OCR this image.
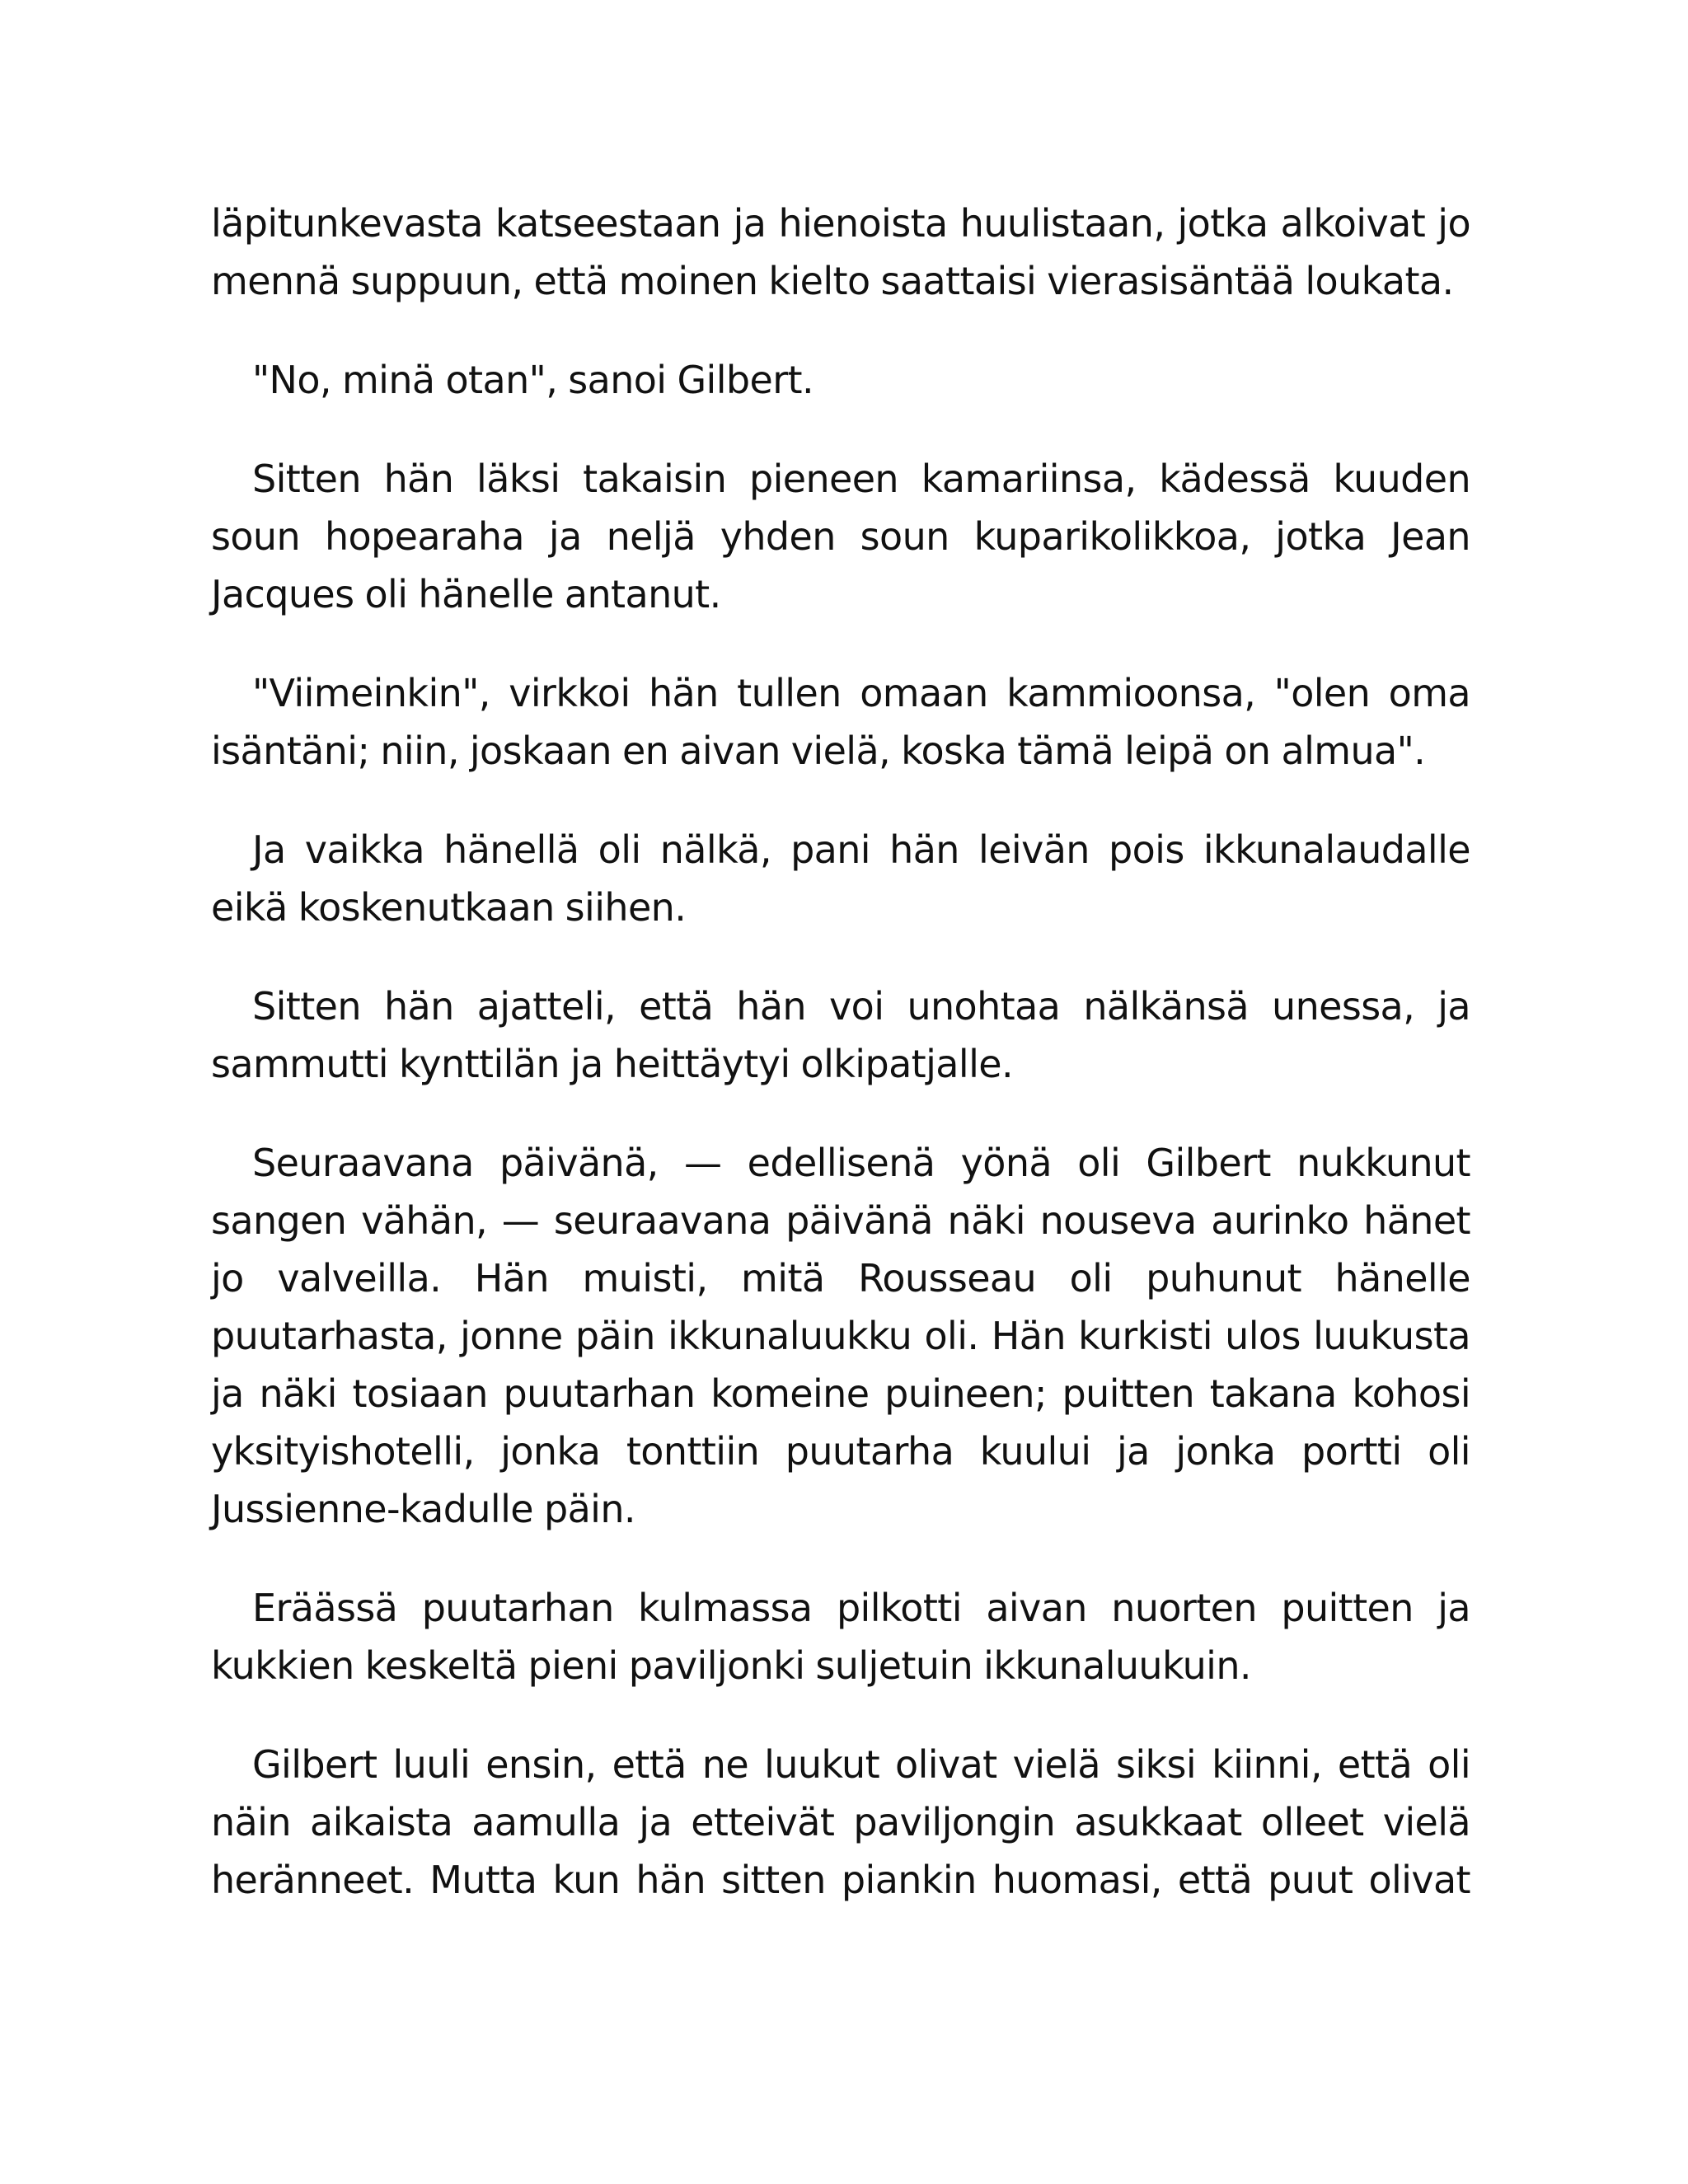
läpitunkevasta katseestaan ja hienoista huulistaan, jotka alkoivat jo mennä suppuun, että moinen kielto saattaisi vierasisäntää loukata.

"No, minä otan", sanoi Gilbert.

Sitten hän läksi takaisin pieneen kamariinsa, kädessä kuuden soun hopearaha ja neljä yhden soun kuparikolikkoa, jotka Jean Jacques oli hänelle antanut.

"Viimeinkin", virkkoi hän tullen omaan kammioonsa, "olen oma isäntäni; niin, joskaan en aivan vielä, koska tämä leipä on almua".

Ja vaikka hänellä oli nälkä, pani hän leivän pois ikkunalaudalle eikä koskenutkaan siihen.

Sitten hän ajatteli, että hän voi unohtaa nälkänsä unessa, ja sammutti kynttilän ja heittäytyi olkipatjalle.

Seuraavana päivänä, — edellisenä yönä oli Gilbert nukkunut sangen vähän, — seuraavana päivänä näki nouseva aurinko hänet jo valveilla. Hän muisti, mitä Rousseau oli puhunut hänelle puutarhasta, jonne päin ikkunaluukku oli. Hän kurkisti ulos luukusta ja näki tosiaan puutarhan komeine puineen; puitten takana kohosi yksityishotelli, jonka tonttiin puutarha kuului ja jonka portti oli Jussienne-kadulle päin.

Eräässä puutarhan kulmassa pilkotti aivan nuorten puitten ja kukkien keskeltä pieni paviljonki suljetuin ikkunaluukuin.

Gilbert luuli ensin, että ne luukut olivat vielä siksi kiinni, että oli näin aikaista aamulla ja etteivät paviljongin asukkaat olleet vielä heränneet. Mutta kun hän sitten piankin huomasi, että puut olivat
